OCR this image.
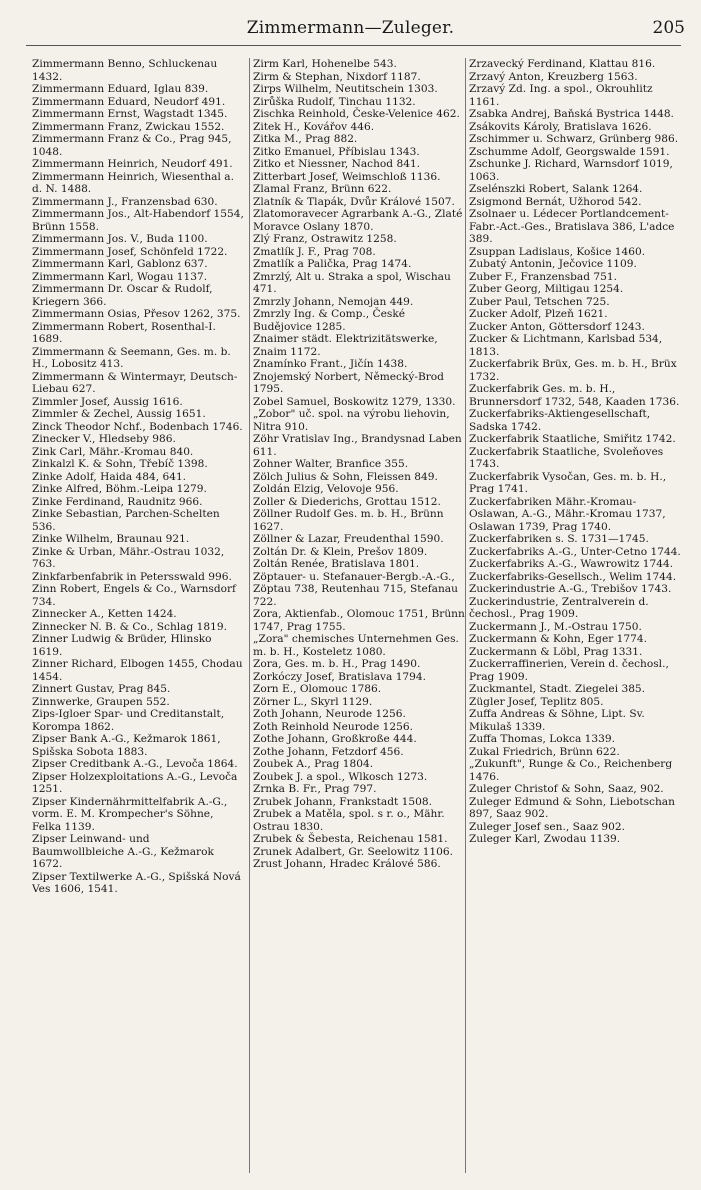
Zimmermann—Zuleger.	205

Zimmermann Benno, Schluckenau 1432.

Zimmermann Eduard, Iglau 839.

Zimmermann Eduard, Neudorf 491.

Zimmermann Ernst, Wagstadt 1345.

Zimmermann Franz, Zwickau 1552.

Zimmermann Franz & Co., Prag 945, 1048.

Zimmermann Heinrich, Neudorf 491.

Zimmermann Heinrich, Wiesenthal a. d. N. 1488.

Zimmermann J., Franzensbad 630.

Zimmermann Jos., Alt-Habendorf 1554, Brünn 1558.

Zimmermann Jos. V., Buda 1100.

Zimmermann Josef, Schönfeld 1722.

Zimmermann Karl, Gablonz 637.

Zimmermann Karl, Wogau 1137.

Zimmermann Dr. Oscar & Rudolf, Kriegern 366.

Zimmermann Osias, Přesov 1262, 375.

Zimmermann Robert, Rosenthal-I. 1689.

Zimmermann & Seemann, Ges. m. b. H., Lobositz 413.

Zimmermann & Wintermayr, Deutsch-Liebau 627.

Zimmler Josef, Aussig 1616.

Zimmler & Zechel, Aussig 1651.

Zinck Theodor Nchf., Bodenbach 1746.

Zinecker V., Hledseby 986.

Zink Carl, Mähr.-Kromau 840.

Zinkalzl K. & Sohn, Třebíč 1398.

Zinke Adolf, Haida 484, 641.

Zinke Alfred, Böhm.-Leipa 1279.

Zinke Ferdinand, Raudnitz 966.

Zinke Sebastian, Parchen-Schelten 536.

Zinke Wilhelm, Braunau 921.

Zinke & Urban, Mähr.-Ostrau 1032, 763.

Zinkfarbenfabrik in Petersswald 996.

Zinn Robert, Engels & Co., Warnsdorf 734.

Zinnecker A., Ketten 1424.

Zinnecker N. B. & Co., Schlag 1819.

Zinner Ludwig & Brüder, Hlinsko 1619.

Zinner Richard, Elbogen 1455, Chodau 1454.

Zinnert Gustav, Prag 845.

Zinnwerke, Graupen 552.

Zips-Igloer Spar- und Creditanstalt, Korompa 1862.

Zipser Bank A.-G., Kežmarok 1861, Spišska Sobota 1883.

Zipser Creditbank A.-G., Levoča 1864.

Zipser Holzexploitations A.-G., Levoča 1251.

Zipser Kindernährmittelfabrik A.-G., vorm. E. M. Krompecher's Söhne, Felka 1139.

Zipser Leinwand- und Baumwollbleiche A.-G., Kežmarok 1672.

Zipser Textilwerke A.-G., Spišská Nová Ves 1606, 1541.

Zirm Karl, Hohenelbe 543.

Zirm & Stephan, Nixdorf 1187.

Zirps Wilhelm, Neutitschein 1303.

Zirůška Rudolf, Tinchau 1132.

Zischka Reinhold, Česke-Velenice 462.

Zitek H., Kovářov 446.

Zitka M., Prag 882.

Zitko Emanuel, Příbislau 1343.

Zitko et Niessner, Nachod 841.

Zitterbart Josef, Weimschloß 1136.

Zlamal Franz, Brünn 622.

Zlatník & Tlapák, Dvůr Králové 1507.

Zlatomoravecer Agrarbank A.-G., Zlaté Moravce Oslany 1870.

Zlý Franz, Ostrawitz 1258.

Zmatlík J. F., Prag 708.

Zmatlík a Palička, Prag 1474.

Zmrzlý, Alt u. Straka a spol, Wischau 471.

Zmrzly Johann, Nemojan 449.

Zmrzly Ing. & Comp., České Budějovice 1285.

Znaimer städt. Elektrizitätswerke, Znaim 1172.

Znamínko Frant., Jičín 1438.

Znojemský Norbert, Německý-Brod 1795.

Zobel Samuel, Boskowitz 1279, 1330.

„Zobor" uč. spol. na výrobu liehovin, Nitra 910.

Zöhr Vratislav Ing., Brandysnad Laben 611.

Zohner Walter, Branfice 355.

Zölch Julius & Sohn, Fleissen 849.

Zoldán Elzig, Velovoje 956.

Zoller & Diederichs, Grottau 1512.

Zöllner Rudolf Ges. m. b. H., Brünn 1627.

Zöllner & Lazar, Freudenthal 1590.

Zoltán Dr. & Klein, Prešov 1809.

Zoltán Renée, Bratislava 1801.

Zöptauer- u. Stefanauer-Bergb.-A.-G., Zöptau 738, Reutenhau 715, Stefanau 722.

Zora, Aktienfab., Olomouc 1751, Brünn 1747, Prag 1755.

„Zora" chemisches Unternehmen Ges. m. b. H., Kosteletz 1080.

Zora, Ges. m. b. H., Prag 1490.

Zorkóczy Josef, Bratislava 1794.

Zorn E., Olomouc 1786.

Zörner L., Skyrl 1129.

Zoth Johann, Neurode 1256.

Zoth Reinhold Neurode 1256.

Zothe Johann, Großkroße 444.

Zothe Johann, Fetzdorf 456.

Zoubek A., Prag 1804.

Zoubek J. a spol., Wlkosch 1273.

Zrnka B. Fr., Prag 797.

Zrubek Johann, Frankstadt 1508.

Zrubek a Matěla, spol. s r. o., Mähr. Ostrau 1830.

Zrubek & Šebesta, Reichenau 1581.

Zrunek Adalbert, Gr. Seelowitz 1106.

Zrust Johann, Hradec Králové 586.

Zrzavecký Ferdinand, Klattau 816.

Zrzavý Anton, Kreuzberg 1563.

Zrzavý Zd. Ing. a spol., Okrouhlitz 1161.

Zsabka Andrej, Baňská Bystrica 1448.

Zsákovits Károly, Bratislava 1626.

Zschimmer u. Schwarz, Grünberg 986.

Zschumme Adolf, Georgswalde 1591.

Zschunke J. Richard, Warnsdorf 1019, 1063.

Zselénszki Robert, Salank 1264.

Zsigmond Bernát, Užhorod 542.

Zsolnaer u. Lédecer Portlandcement-Fabr.-Act.-Ges., Bratislava 386, L'adce 389.

Zsuppan Ladislaus, Košice 1460.

Zubatý Antonin, Ječovice 1109.

Zuber F., Franzensbad 751.

Zuber Georg, Miltigau 1254.

Zuber Paul, Tetschen 725.

Zucker Adolf, Plzeň 1621.

Zucker Anton, Göttersdorf 1243.

Zucker & Lichtmann, Karlsbad 534, 1813.

Zuckerfabrik Brüx, Ges. m. b. H., Brüx 1732.

Zuckerfabrik Ges. m. b. H., Brunnersdorf 1732, 548, Kaaden 1736.

Zuckerfabriks-Aktiengesellschaft, Sadska 1742.

Zuckerfabrik Staatliche, Smiřitz 1742.

Zuckerfabrik Staatliche, Svoleňoves 1743.

Zuckerfabrik Vysočan, Ges. m. b. H., Prag 1741.

Zuckerfabriken Mähr.-Kromau-Oslawan, A.-G., Mähr.-Kromau 1737, Oslawan 1739, Prag 1740.

Zuckerfabriken s. S. 1731—1745.

Zuckerfabriks A.-G., Unter-Cetno 1744.

Zuckerfabriks A.-G., Wawrowitz 1744.

Zuckerfabriks-Gesellsch., Welim 1744.

Zuckerindustrie A.-G., Trebišov 1743.

Zuckerindustrie, Zentralverein d. čechosl., Prag 1909.

Zuckermann J., M.-Ostrau 1750.

Zuckermann & Kohn, Eger 1774.

Zuckermann & Löbl, Prag 1331.

Zuckerraffinerien, Verein d. čechosl., Prag 1909.

Zuckmantel, Stadt. Ziegelei 385.

Zügler Josef, Teplitz 805.

Zuffa Andreas & Söhne, Lipt. Sv. Mikulaš 1339.

Zuffa Thomas, Lokca 1339.

Zukal Friedrich, Brünn 622.

„Zukunft", Runge & Co., Reichenberg 1476.

Zuleger Christof & Sohn, Saaz, 902.

Zuleger Edmund & Sohn, Liebotschan 897, Saaz 902.

Zuleger Josef sen., Saaz 902.

Zuleger Karl, Zwodau 1139.
